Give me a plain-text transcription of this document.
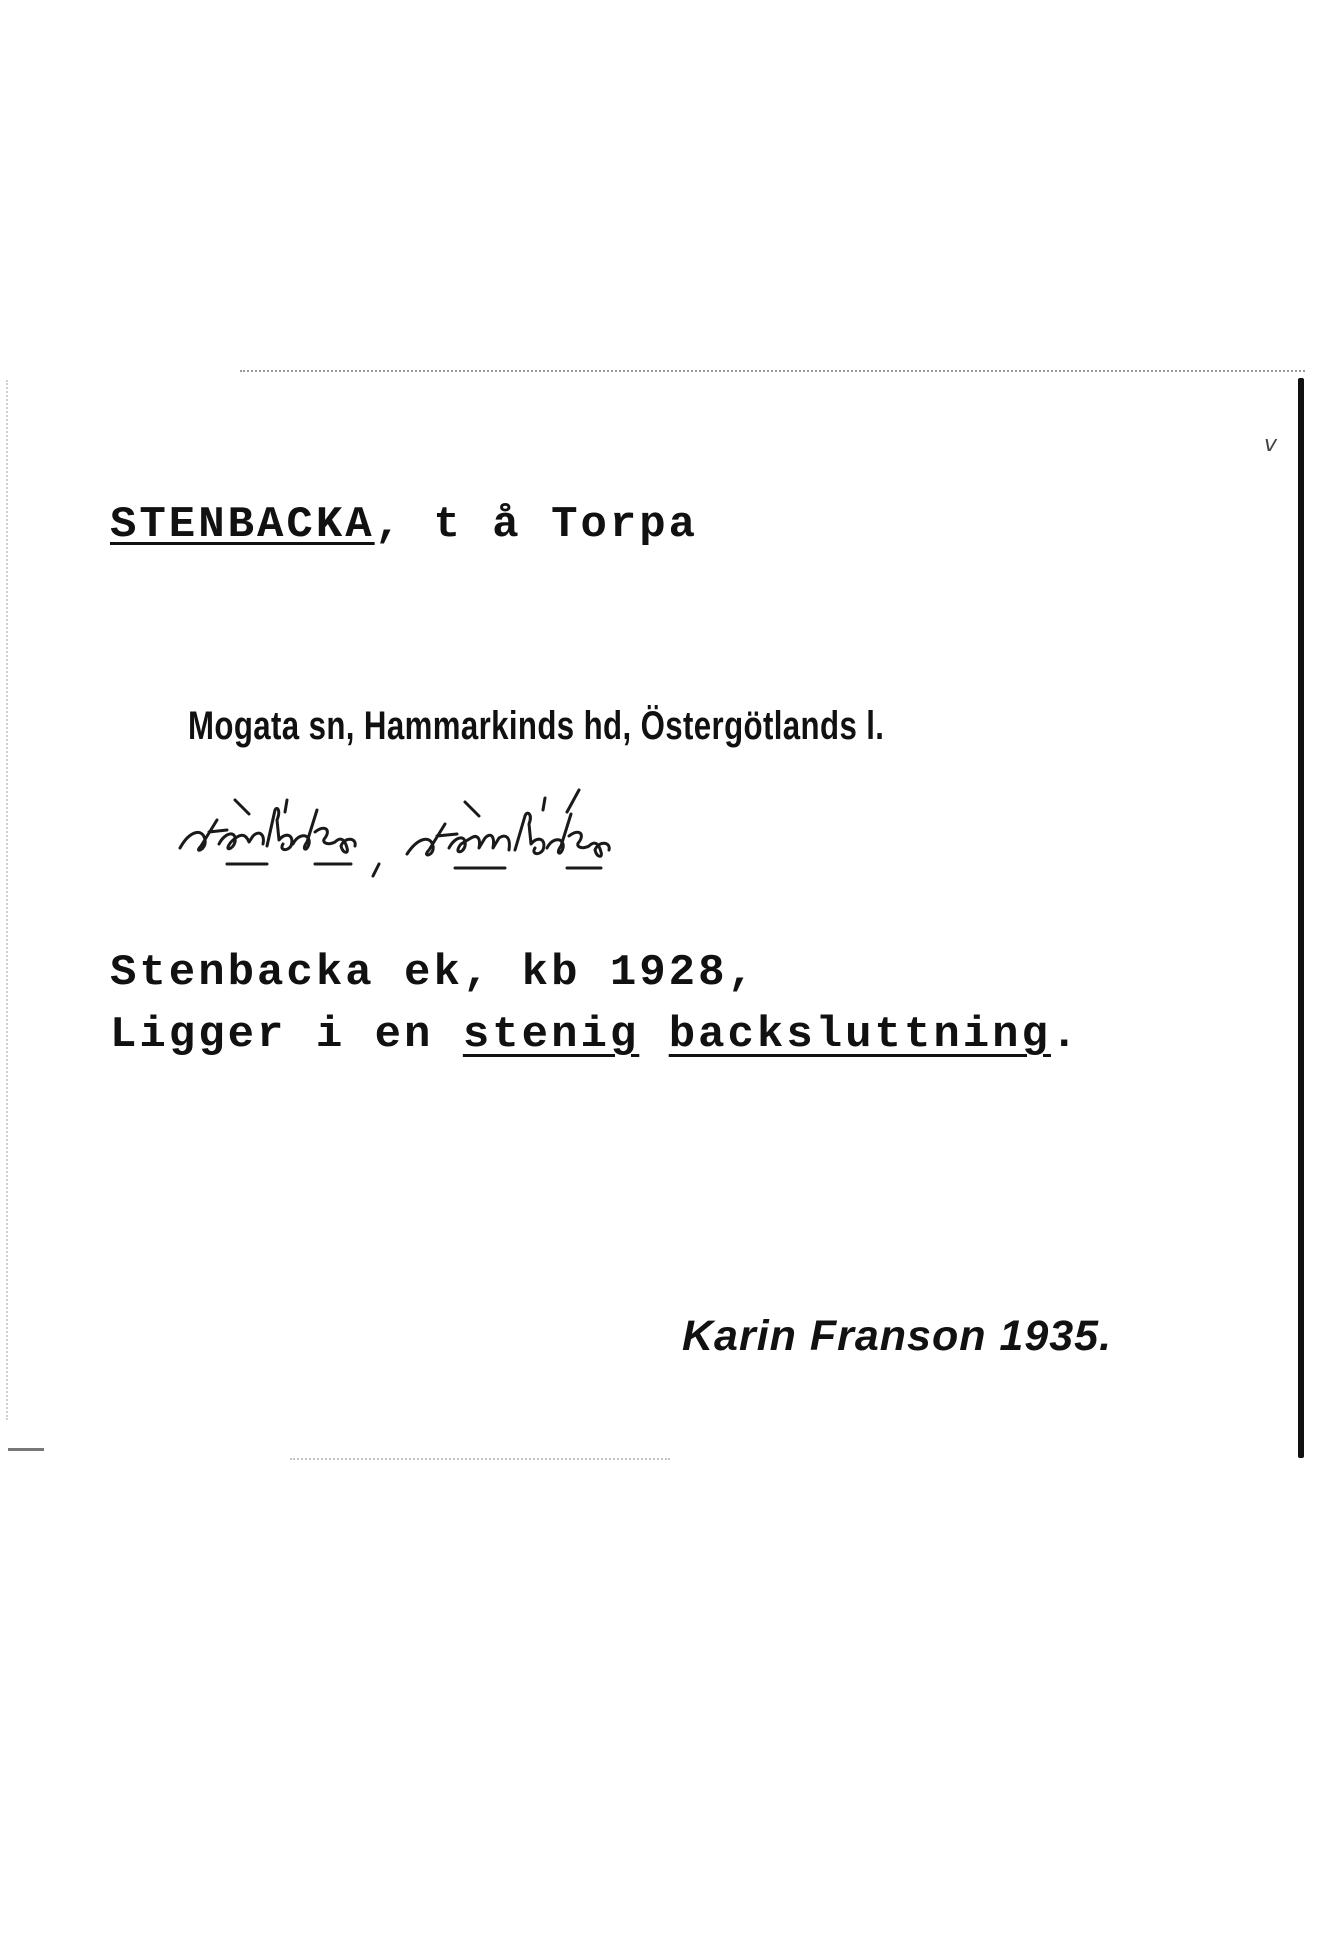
v
STENBACKA, t å Torpa
Mogata sn, Hammarkinds hd, Östergötlands l.
Stenbacka ek, kb 1928,
Ligger i en stenig backsluttning.
Karin Franson 1935.
